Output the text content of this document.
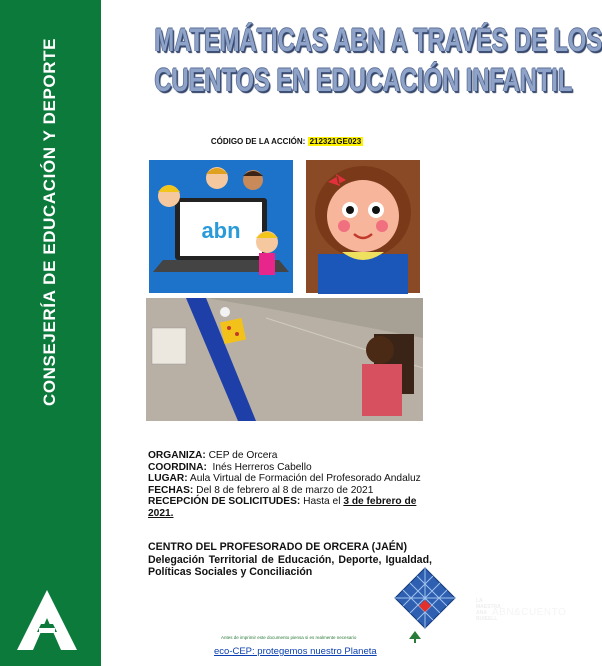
CONSEJERÍA DE EDUCACIÓN Y DEPORTE	MATEMÁTICAS ABN A TRAVÉS DE LOS
CUENTOS EN EDUCACIÓN INFANTIL
CÓDIGO DE LA ACCIÓN: 212321GE023
abn
LA MAESTRA ANA BUIEELL
ABN&CUENTO
ORGANIZA: CEP de Orcera
COORDINA: Inés Herreros Cabello
LUGAR: Aula Virtual de Formación del Profesorado Andaluz
FECHAS: Del 8 de febrero al 8 de marzo de 2021
RECEPCIÓN DE SOLICITUDES: Hasta el 3 de febrero de 2021.
CENTRO DEL PROFESORADO DE ORCERA (JAÉN)
Delegación Territorial de Educación, Deporte, Igualdad, Políticas Sociales y Conciliación
Antes de imprimir este documento piensa si es realmente necesario
eco-CEP: protegemos nuestro Planeta
